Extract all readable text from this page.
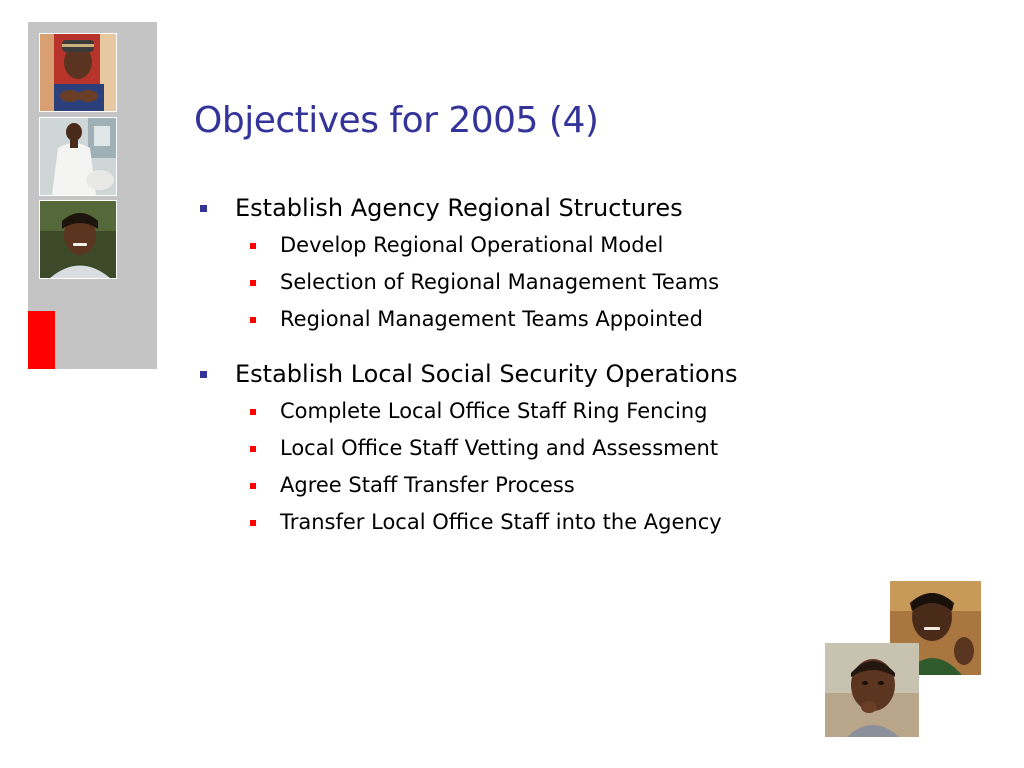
Objectives for 2005 (4)
Establish Agency Regional Structures
Develop Regional Operational Model
Selection of Regional Management Teams
Regional Management Teams Appointed
Establish Local Social Security Operations
Complete Local Office Staff Ring Fencing
Local Office Staff Vetting and Assessment
Agree Staff Transfer Process
Transfer Local Office Staff into the Agency
